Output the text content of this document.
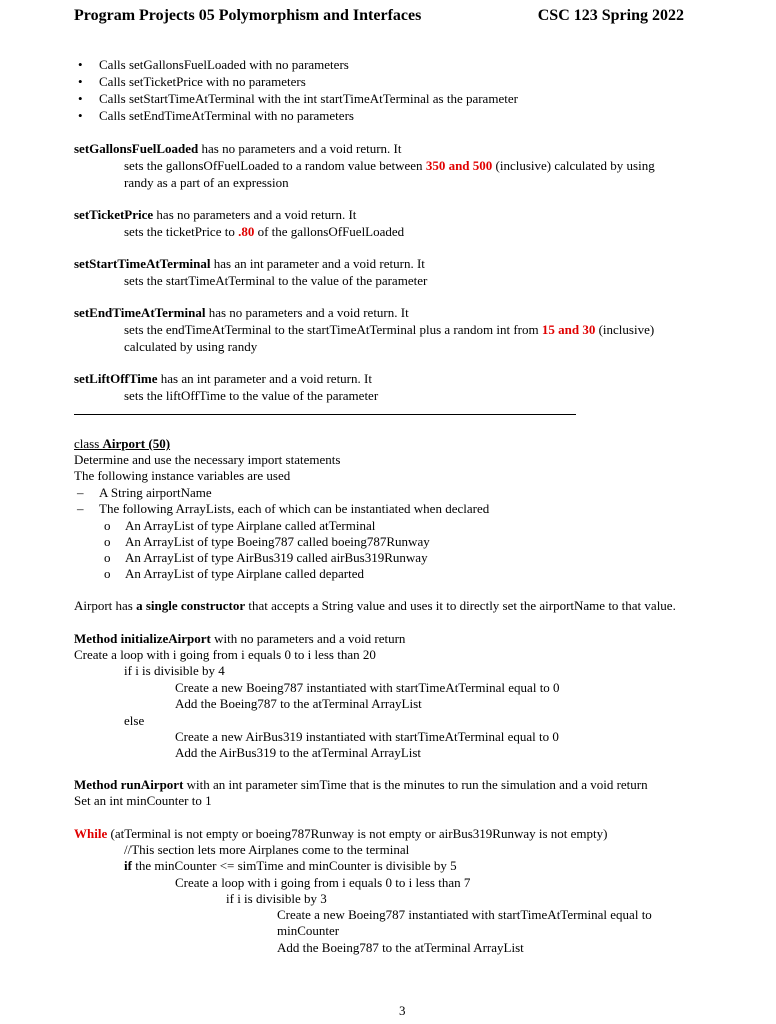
Program Projects 05 Polymorphism and Interfaces	CSC 123 Spring 2022
• Calls setGallonsFuelLoaded with no parameters
• Calls setTicketPrice with no parameters
• Calls setStartTimeAtTerminal with the int startTimeAtTerminal as the parameter
• Calls setEndTimeAtTerminal with no parameters
setGallonsFuelLoaded has no parameters and a void return. It
sets the gallonsOfFuelLoaded to a random value between 350 and 500 (inclusive) calculated by using
randy as a part of an expression
setTicketPrice has no parameters and a void return. It
sets the ticketPrice to .80 of the gallonsOfFuelLoaded
setStartTimeAtTerminal has an int parameter and a void return. It
sets the startTimeAtTerminal to the value of the parameter
setEndTimeAtTerminal has no parameters and a void return. It
sets the endTimeAtTerminal to the startTimeAtTerminal plus a random int from 15 and 30 (inclusive)
calculated by using randy
setLiftOffTime has an int parameter and a void return. It
sets the liftOffTime to the value of the parameter
class Airport (50)
Determine and use the necessary import statements
The following instance variables are used
– A String airportName
– The following ArrayLists, each of which can be instantiated when declared
o An ArrayList of type Airplane called atTerminal
o An ArrayList of type Boeing787 called boeing787Runway
o An ArrayList of type AirBus319 called airBus319Runway
o An ArrayList of type Airplane called departed
Airport has a single constructor that accepts a String value and uses it to directly set the airportName to that value.
Method initializeAirport with no parameters and a void return
Create a loop with i going from i equals 0 to i less than 20
if i is divisible by 4
Create a new Boeing787 instantiated with startTimeAtTerminal equal to 0
Add the Boeing787 to the atTerminal ArrayList
else
Create a new AirBus319 instantiated with startTimeAtTerminal equal to 0
Add the AirBus319 to the atTerminal ArrayList
Method runAirport with an int parameter simTime that is the minutes to run the simulation and a void return
Set an int minCounter to 1
While (atTerminal is not empty or boeing787Runway is not empty or airBus319Runway is not empty)
//This section lets more Airplanes come to the terminal
if the minCounter <= simTime and minCounter is divisible by 5
Create a loop with i going from i equals 0 to i less than 7
if i is divisible by 3
Create a new Boeing787 instantiated with startTimeAtTerminal equal to
minCounter
Add the Boeing787 to the atTerminal ArrayList
3
